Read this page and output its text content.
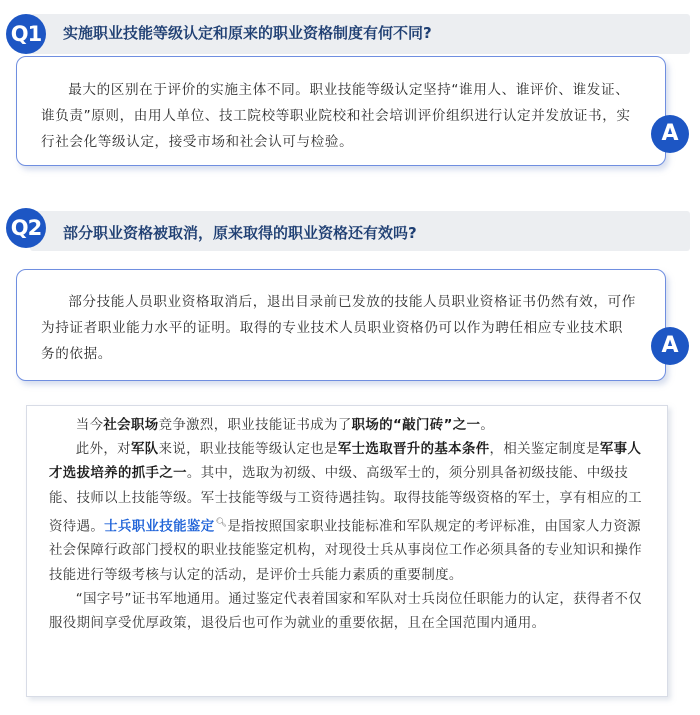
Q1	实施职业技能等级认定和原来的职业资格制度有何不同?

最大的区别在于评价的实施主体不同。职业技能等级认定坚持“谁用人、谁评价、谁发证、谁负责”原则，由用人单位、技工院校等职业院校和社会培训评价组织进行认定并发放证书，实行社会化等级认定，接受市场和社会认可与检验。	A
Q2	部分职业资格被取消，原来取得的职业资格还有效吗?

部分技能人员职业资格取消后，退出目录前已发放的技能人员职业资格证书仍然有效，可作为持证者职业能力水平的证明。取得的专业技术人员职业资格仍可以作为聘任相应专业技术职务的依据。	A

当今社会职场竞争激烈，职业技能证书成为了职场的“敲门砖”之一。

此外，对军队来说，职业技能等级认定也是军士选取晋升的基本条件，相关鉴定制度是军事人才选拔培养的抓手之一。其中，选取为初级、中级、高级军士的，须分别具备初级技能、中级技能、技师以上技能等级。军士技能等级与工资待遇挂钩。取得技能等级资格的军士，享有相应的工资待遇。士兵职业技能鉴定🔍︎是指按照国家职业技能标准和军队规定的考评标准，由国家人力资源社会保障行政部门授权的职业技能鉴定机构，对现役士兵从事岗位工作必须具备的专业知识和操作技能进行等级考核与认定的活动，是评价士兵能力素质的重要制度。

“国字号”证书军地通用。通过鉴定代表着国家和军队对士兵岗位任职能力的认定，获得者不仅服役期间享受优厚政策，退役后也可作为就业的重要依据，且在全国范围内通用。
